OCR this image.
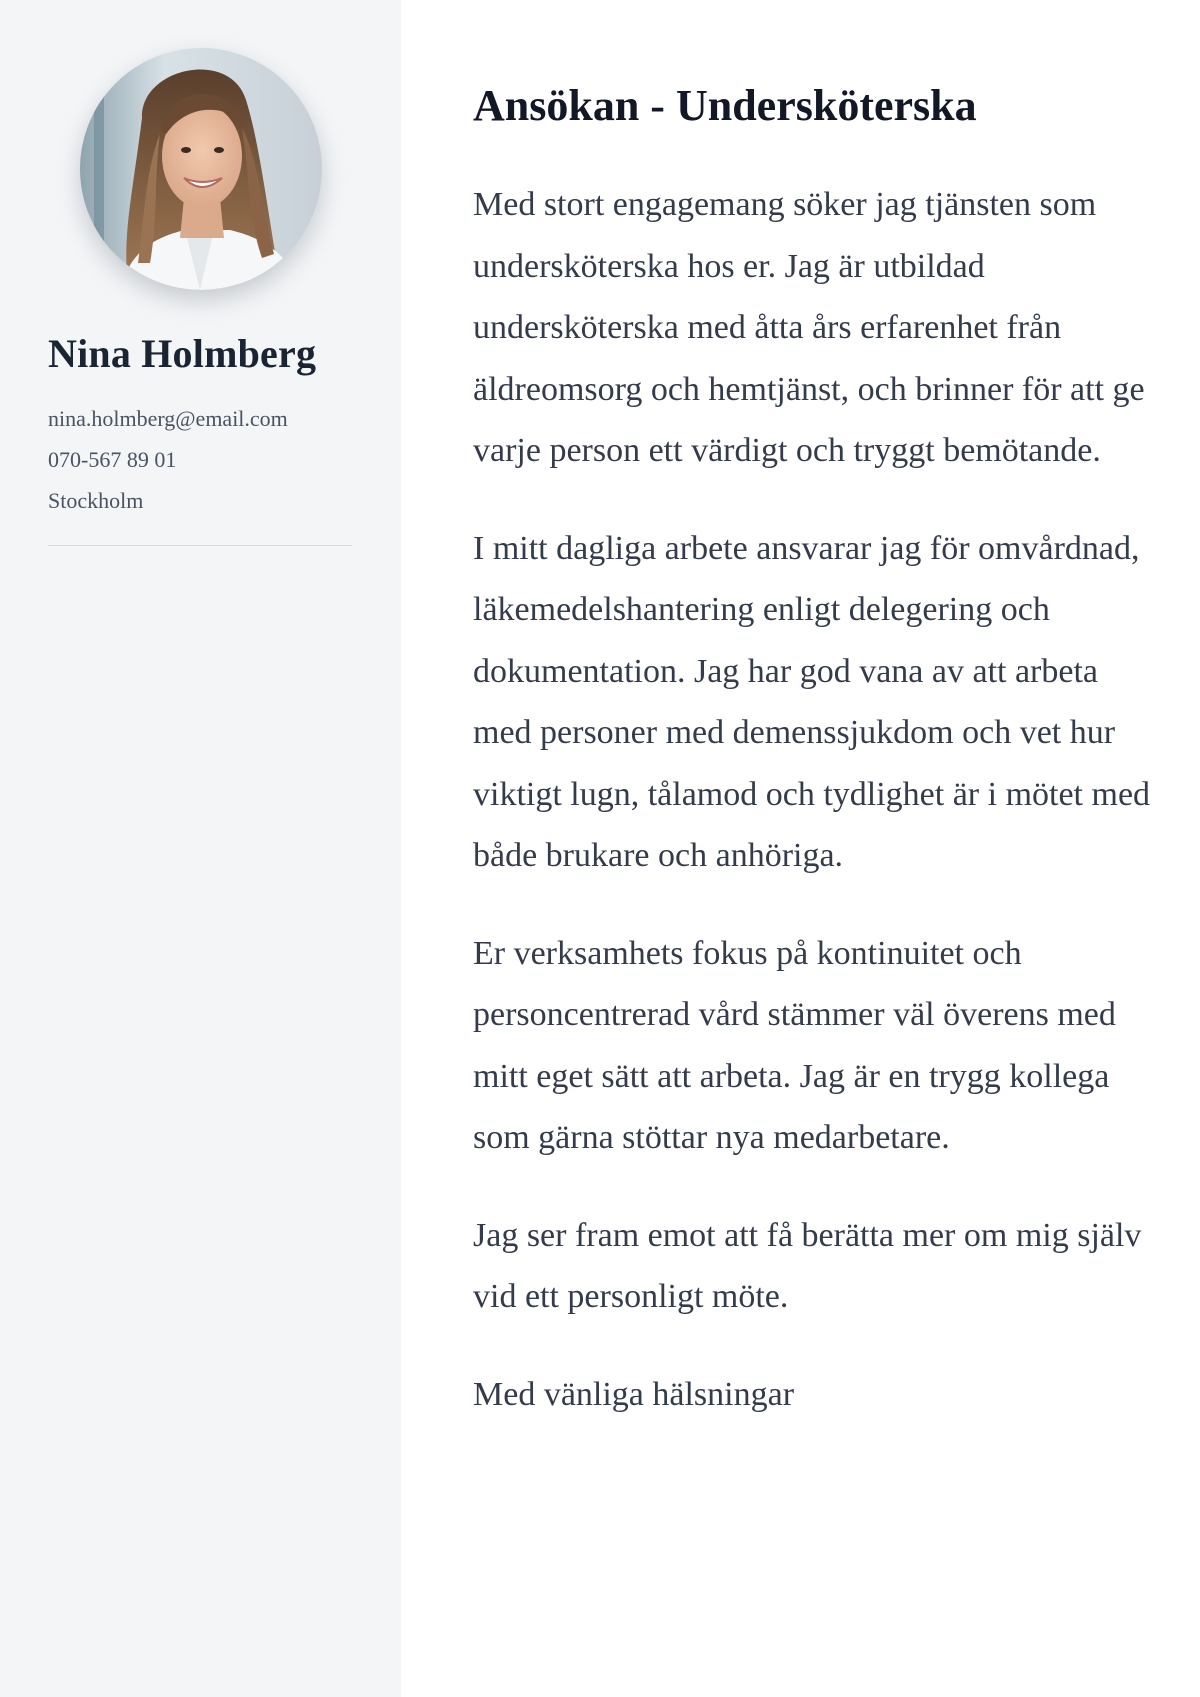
Nina Holmberg
nina.holmberg@email.com
070-567 89 01
Stockholm
Ansökan - Undersköterska

Med stort engagemang söker jag tjänsten som undersköterska hos er. Jag är utbildad undersköterska med åtta års erfarenhet från äldreomsorg och hemtjänst, och brinner för att ge varje person ett värdigt och tryggt bemötande.

I mitt dagliga arbete ansvarar jag för omvårdnad, läkemedelshantering enligt delegering och dokumentation. Jag har god vana av att arbeta med personer med demenssjukdom och vet hur viktigt lugn, tålamod och tydlighet är i mötet med både brukare och anhöriga.

Er verksamhets fokus på kontinuitet och personcentrerad vård stämmer väl överens med mitt eget sätt att arbeta. Jag är en trygg kollega som gärna stöttar nya medarbetare.

Jag ser fram emot att få berätta mer om mig själv vid ett personligt möte.

Med vänliga hälsningar
